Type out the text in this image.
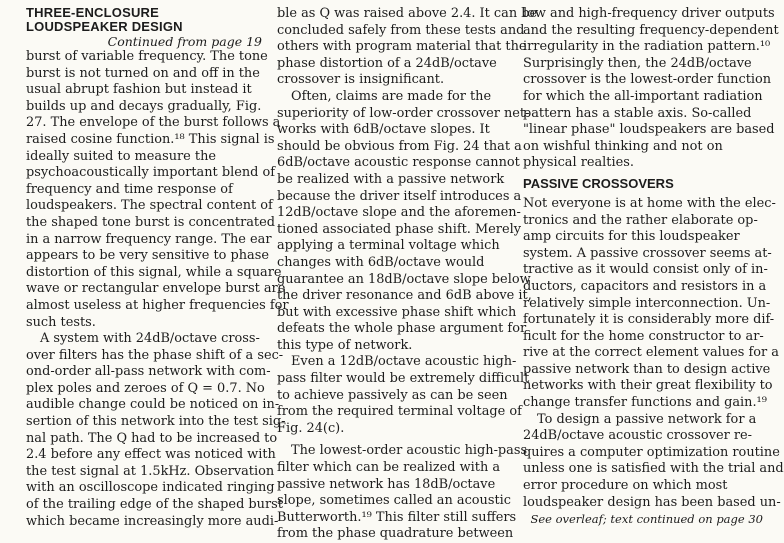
THREE-ENCLOSURE
LOUDSPEAKER DESIGN
Continued from page 19
burst of variable frequency. The tone
burst is not turned on and off in the
usual abrupt fashion but instead it
builds up and decays gradually, Fig.
27. The envelope of the burst follows a
raised cosine function.¹⁸ This signal is
ideally suited to measure the
psychoacoustically important blend of
frequency and time response of
loudspeakers. The spectral content of
the shaped tone burst is concentrated
in a narrow frequency range. The ear
appears to be very sensitive to phase
distortion of this signal, while a square
wave or rectangular envelope burst are
almost useless at higher frequencies for
such tests.
A system with 24dB/octave cross-
over filters has the phase shift of a sec-
ond-order all-pass network with com-
plex poles and zeroes of Q = 0.7. No
audible change could be noticed on in-
sertion of this network into the test sig-
nal path. The Q had to be increased to
2.4 before any effect was noticed with
the test signal at 1.5kHz. Observation
with an oscilloscope indicated ringing
of the trailing edge of the shaped burst
which became increasingly more audi-
ble as Q was raised above 2.4. It can be
concluded safely from these tests and
others with program material that the
phase distortion of a 24dB/octave
crossover is insignificant.
Often, claims are made for the
superiority of low-order crossover net-
works with 6dB/octave slopes. It
should be obvious from Fig. 24 that a
6dB/octave acoustic response cannot
be realized with a passive network
because the driver itself introduces a
12dB/octave slope and the aforemen-
tioned associated phase shift. Merely
applying a terminal voltage which
changes with 6dB/octave would
guarantee an 18dB/octave slope below
the driver resonance and 6dB above it,
but with excessive phase shift which
defeats the whole phase argument for
this type of network.
Even a 12dB/octave acoustic high-
pass filter would be extremely difficult
to achieve passively as can be seen
from the required terminal voltage of
Fig. 24(c).
The lowest-order acoustic high-pass
filter which can be realized with a
passive network has 18dB/octave
slope, sometimes called an acoustic
Butterworth.¹⁹ This filter still suffers
from the phase quadrature between
low and high-frequency driver outputs
and the resulting frequency-dependent
irregularity in the radiation pattern.¹⁰
Surprisingly then, the 24dB/octave
crossover is the lowest-order function
for which the all-important radiation
pattern has a stable axis. So-called
"linear phase" loudspeakers are based
on wishful thinking and not on
physical realties.
PASSIVE CROSSOVERS
Not everyone is at home with the elec-
tronics and the rather elaborate op-
amp circuits for this loudspeaker
system. A passive crossover seems at-
tractive as it would consist only of in-
ductors, capacitors and resistors in a
relatively simple interconnection. Un-
fortunately it is considerably more dif-
ficult for the home constructor to ar-
rive at the correct element values for a
passive network than to design active
networks with their great flexibility to
change transfer functions and gain.¹⁹
To design a passive network for a
24dB/octave acoustic crossover re-
quires a computer optimization routine
unless one is satisfied with the trial and
error procedure on which most
loudspeaker design has been based un-
See overleaf; text continued on page 30
